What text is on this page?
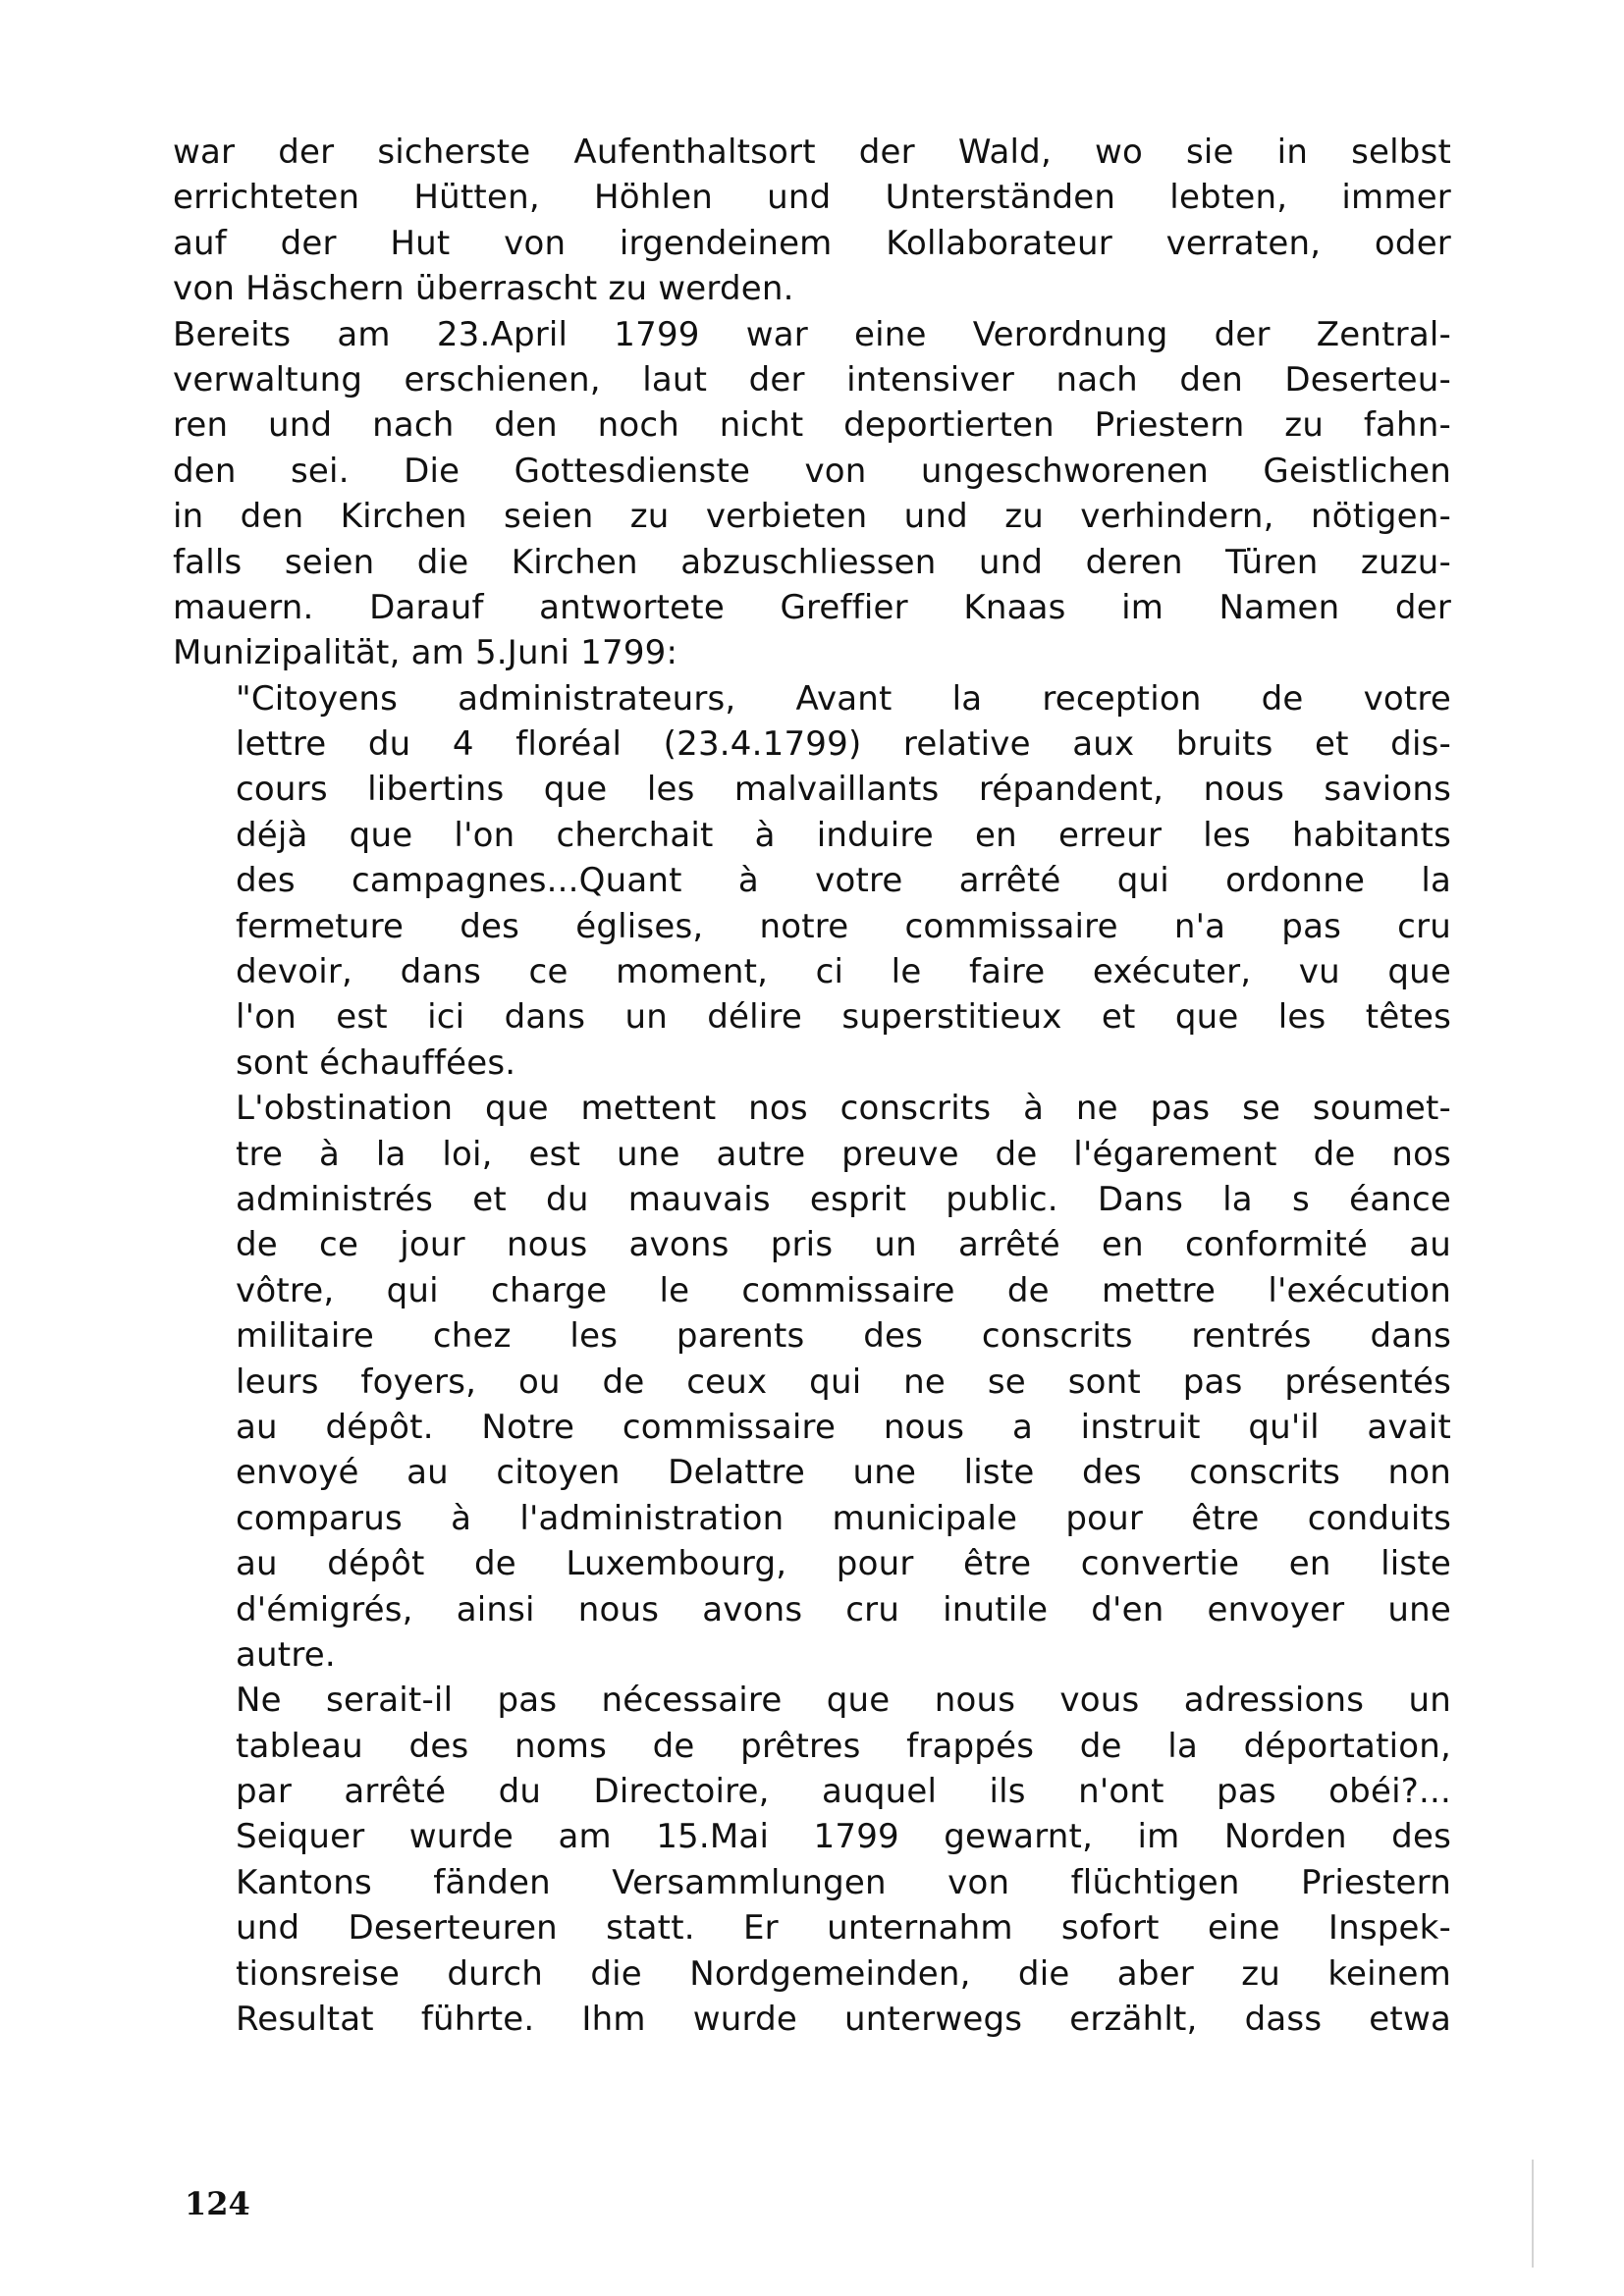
war der sicherste Aufenthaltsort der Wald, wo sie in selbst
errichteten Hütten, Höhlen und Unterständen lebten, immer
auf der Hut von irgendeinem Kollaborateur verraten, oder
von Häschern überrascht zu werden.
Bereits am 23.April 1799 war eine Verordnung der Zentral-
verwaltung erschienen, laut der intensiver nach den Deserteu-
ren und nach den noch nicht deportierten Priestern zu fahn-
den sei. Die Gottesdienste von ungeschworenen Geistlichen
in den Kirchen seien zu verbieten und zu verhindern, nötigen-
falls seien die Kirchen abzuschliessen und deren Türen zuzu-
mauern. Darauf antwortete Greffier Knaas im Namen der
Munizipalität, am 5.Juni 1799:
"Citoyens administrateurs, Avant la reception de votre
lettre du 4 floréal (23.4.1799) relative aux bruits et dis-
cours libertins que les malvaillants répandent, nous savions
déjà que l'on cherchait à induire en erreur les habitants
des campagnes...Quant à votre arrêté qui ordonne la
fermeture des églises, notre commissaire n'a pas cru
devoir, dans ce moment, ci le faire exécuter, vu que
l'on est ici dans un délire superstitieux et que les têtes
sont échauffées.
L'obstination que mettent nos conscrits à ne pas se soumet-
tre à la loi, est une autre preuve de l'égarement de nos
administrés et du mauvais esprit public. Dans la s éance
de ce jour nous avons pris un arrêté en conformité au
vôtre, qui charge le commissaire de mettre l'exécution
militaire chez les parents des conscrits rentrés dans
leurs foyers, ou de ceux qui ne se sont pas présentés
au dépôt. Notre commissaire nous a instruit qu'il avait
envoyé au citoyen Delattre une liste des conscrits non
comparus à l'administration municipale pour être conduits
au dépôt de Luxembourg, pour être convertie en liste
d'émigrés, ainsi nous avons cru inutile d'en envoyer une
autre.
Ne serait-il pas nécessaire que nous vous adressions un
tableau des noms de prêtres frappés de la déportation,
par arrêté du Directoire, auquel ils n'ont pas obéi?...
Seiquer wurde am 15.Mai 1799 gewarnt, im Norden des
Kantons fänden Versammlungen von flüchtigen Priestern
und Deserteuren statt. Er unternahm sofort eine Inspek-
tionsreise durch die Nordgemeinden, die aber zu keinem
Resultat führte. Ihm wurde unterwegs erzählt, dass etwa
124
